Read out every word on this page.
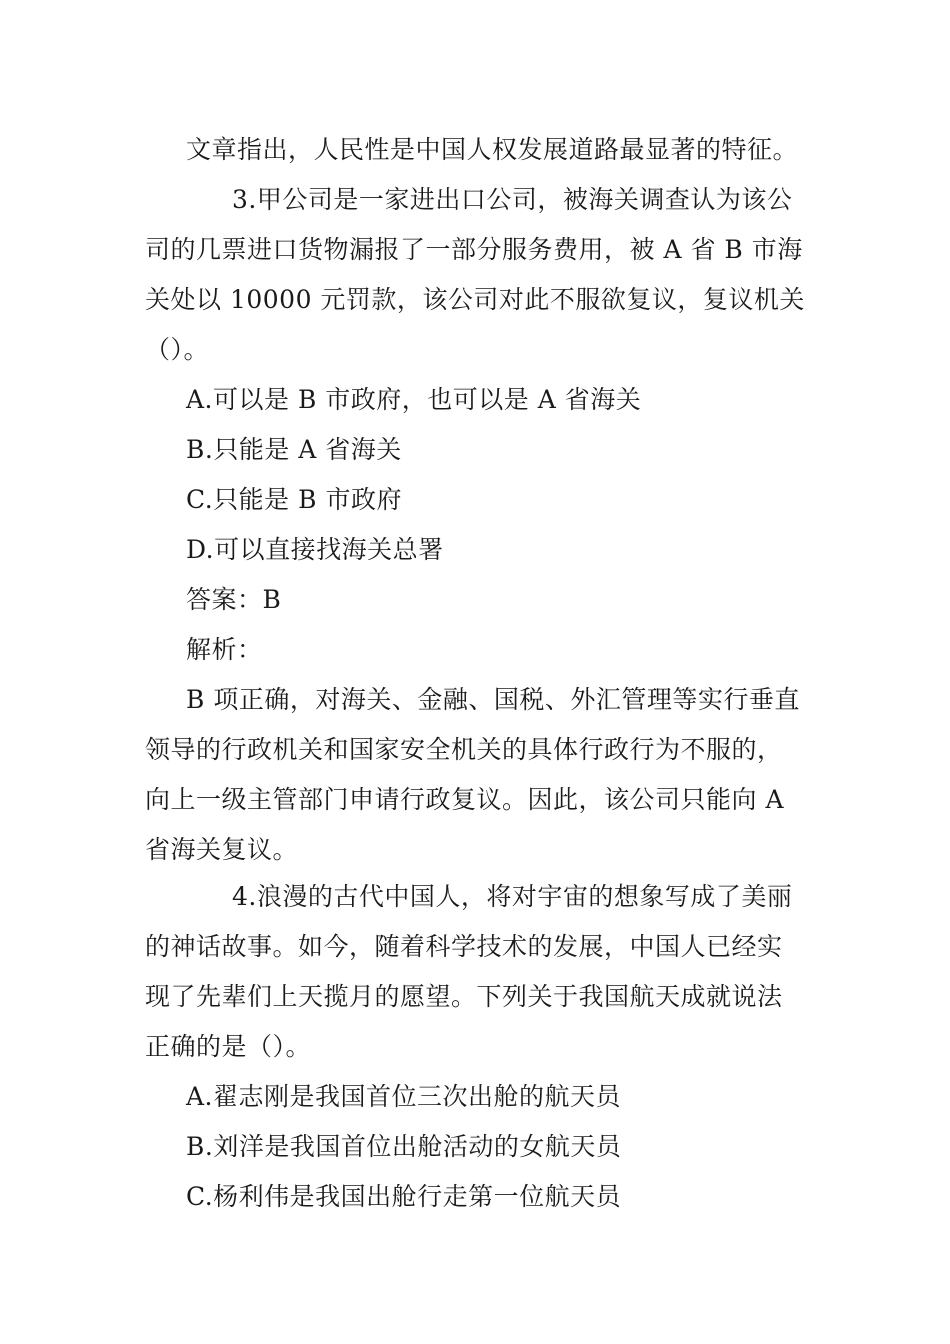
文章指出，人民性是中国人权发展道路最显著的特征。
3.甲公司是一家进出口公司，被海关调查认为该公
司的几票进口货物漏报了一部分服务费用，被 A 省 B 市海
关处以 10000 元罚款，该公司对此不服欲复议，复议机关
（）。
A.可以是 B 市政府，也可以是 A 省海关
B.只能是 A 省海关
C.只能是 B 市政府
D.可以直接找海关总署
答案：B
解析：
B 项正确，对海关、金融、国税、外汇管理等实行垂直
领导的行政机关和国家安全机关的具体行政行为不服的，
向上一级主管部门申请行政复议。因此，该公司只能向 A
省海关复议。
4.浪漫的古代中国人，将对宇宙的想象写成了美丽
的神话故事。如今，随着科学技术的发展，中国人已经实
现了先辈们上天揽月的愿望。下列关于我国航天成就说法
正确的是（）。
A.翟志刚是我国首位三次出舱的航天员
B.刘洋是我国首位出舱活动的女航天员
C.杨利伟是我国出舱行走第一位航天员
